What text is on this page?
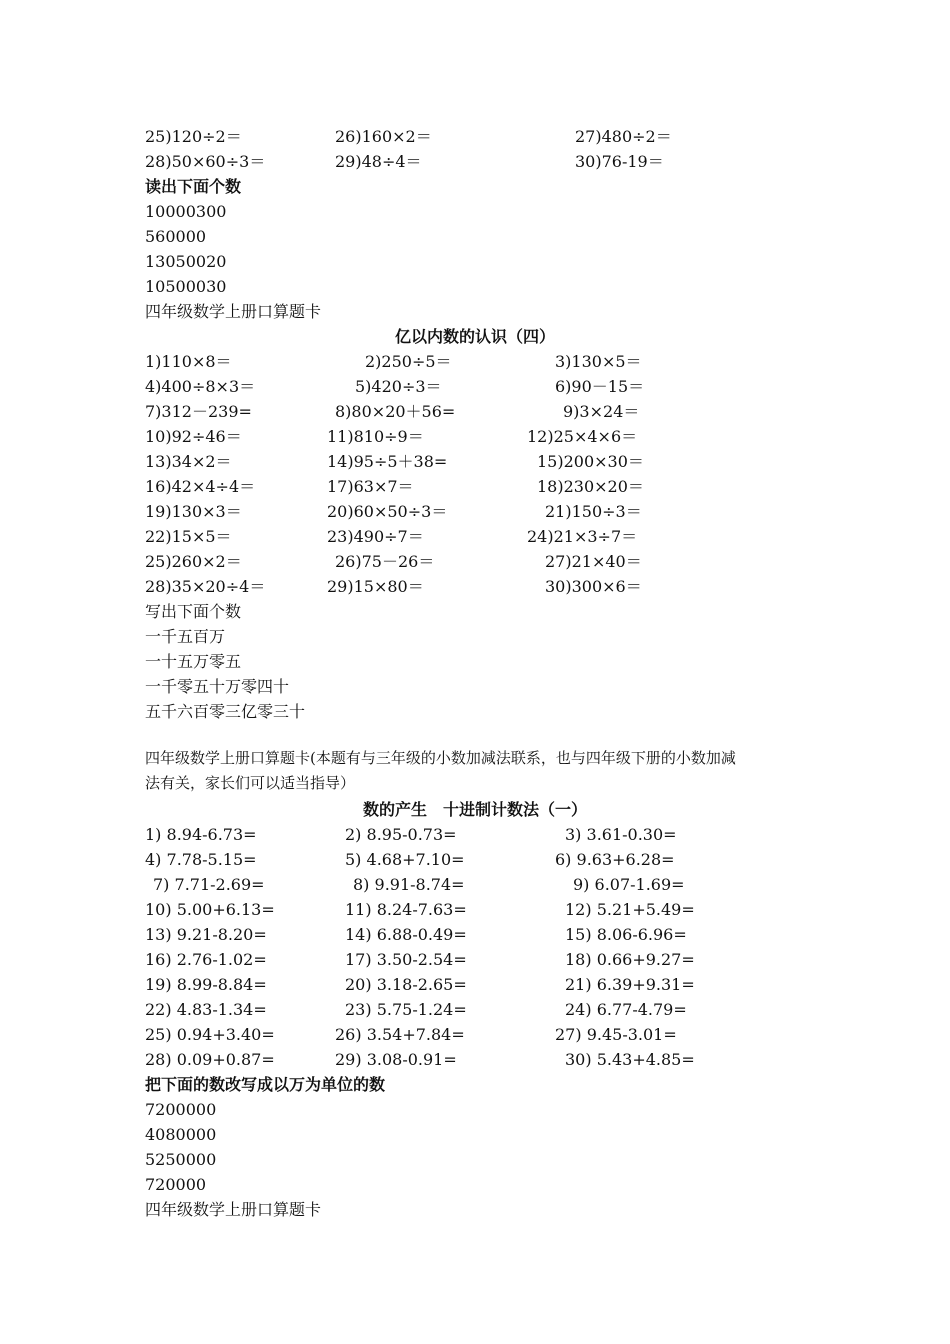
25)120÷2＝	26)160×2＝	27)480÷2＝
28)50×60÷3＝	29)48÷4＝	30)76-19＝
读出下面个数
10000300
560000
13050020
10500030
四年级数学上册口算题卡
亿以内数的认识（四）
1)110×8＝	2)250÷5＝	3)130×5＝
4)400÷8×3＝	5)420÷3＝	6)90－15＝
7)312－239=	8)80×20＋56=	9)3×24＝
10)92÷46＝	11)810÷9＝	12)25×4×6＝
13)34×2＝	14)95÷5＋38=	15)200×30＝
16)42×4÷4＝	17)63×7＝	18)230×20＝
19)130×3＝	20)60×50÷3＝	21)150÷3＝
22)15×5＝	23)490÷7＝	24)21×3÷7＝
25)260×2＝	26)75－26＝	27)21×40＝
28)35×20÷4＝	29)15×80＝	30)300×6＝
写出下面个数
一千五百万
一十五万零五
一千零五十万零四十
五千六百零三亿零三十
四年级数学上册口算题卡(本题有与三年级的小数加减法联系，也与四年级下册的小数加减
法有关，家长们可以适当指导）
数的产生　十进制计数法（一）
1) 8.94-6.73=	2) 8.95-0.73=	3) 3.61-0.30=
4) 7.78-5.15=	5) 4.68+7.10=	6) 9.63+6.28=
7) 7.71-2.69=	8) 9.91-8.74=	9) 6.07-1.69=
10) 5.00+6.13=	11) 8.24-7.63=	12) 5.21+5.49=
13) 9.21-8.20=	14) 6.88-0.49=	15) 8.06-6.96=
16) 2.76-1.02=	17) 3.50-2.54=	18) 0.66+9.27=
19) 8.99-8.84=	20) 3.18-2.65=	21) 6.39+9.31=
22) 4.83-1.34=	23) 5.75-1.24=	24) 6.77-4.79=
25) 0.94+3.40=	26) 3.54+7.84=	27) 9.45-3.01=
28) 0.09+0.87=	29) 3.08-0.91=	30) 5.43+4.85=
把下面的数改写成以万为单位的数
7200000
4080000
5250000
720000
四年级数学上册口算题卡
